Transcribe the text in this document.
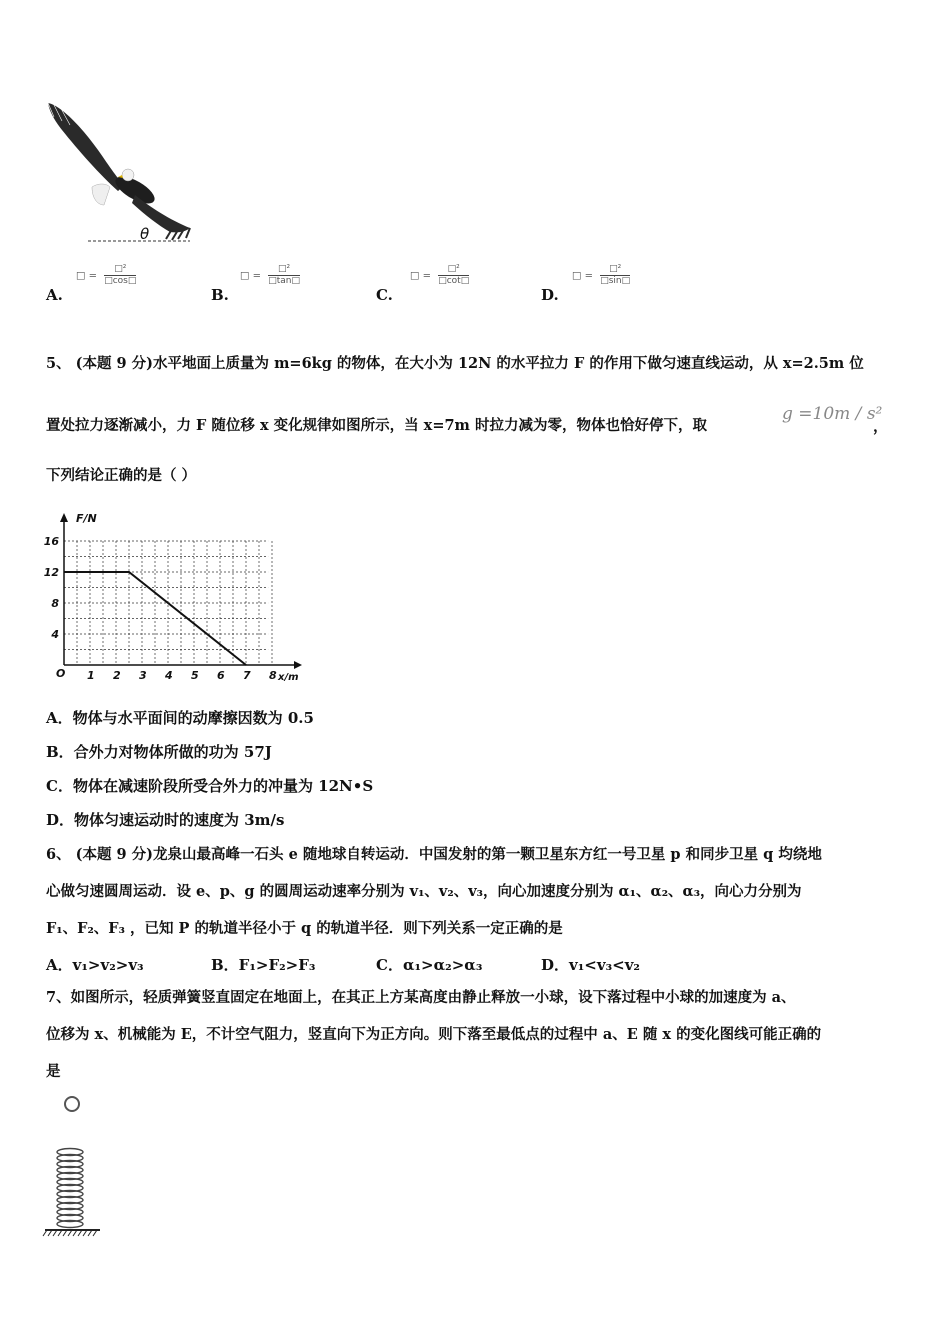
θ
A.
□ = $\frac{\text{□²}}{□\cos□}$
B.
□ = $\frac{\text{□²}}{□\tan□}$
C.
□ = $\frac{\text{□²}}{□\cot□}$
D.
□ = $\frac{\text{□²}}{□\sin□}$
5、 (本题 9 分)水平地面上质量为 m=6kg 的物体，在大小为 12N 的水平拉力 F 的作用下做匀速直线运动，从 x=2.5m 位
置处拉力逐渐减小，力 F 随位移 x 变化规律如图所示，当 x=7m 时拉力减为零，物体也恰好停下，取
g =10m / s²
，
下列结论正确的是（ ）
1 2 3 4 5 6 7 8
4
8
12
16
F/N
x/m
O
A．物体与水平面间的动摩擦因数为 0.5
B．合外力对物体所做的功为 57J
C．物体在减速阶段所受合外力的冲量为 12N•S
D．物体匀速运动时的速度为 3m/s
6、 (本题 9 分)龙泉山最高峰一石头 e 随地球自转运动．中国发射的第一颗卫星东方红一号卫星 p 和同步卫星 q 均绕地
心做匀速圆周运动．设 e、p、g 的圆周运动速率分别为 v₁、v₂、v₃，向心加速度分别为 α₁、α₂、α₃，向心力分别为
F₁、F₂、F₃ ，已知 P 的轨道半径小于 q 的轨道半径．则下列关系一定正确的是
A．v₁>v₂>v₃	B．F₁>F₂>F₃	C．α₁>α₂>α₃	D．v₁<v₃<v₂
7、如图所示，轻质弹簧竖直固定在地面上，在其正上方某高度由静止释放一小球，设下落过程中小球的加速度为 a、
位移为 x、机械能为 E，不计空气阻力，竖直向下为正方向。则下落至最低点的过程中 a、E 随 x 的变化图线可能正确的
是
